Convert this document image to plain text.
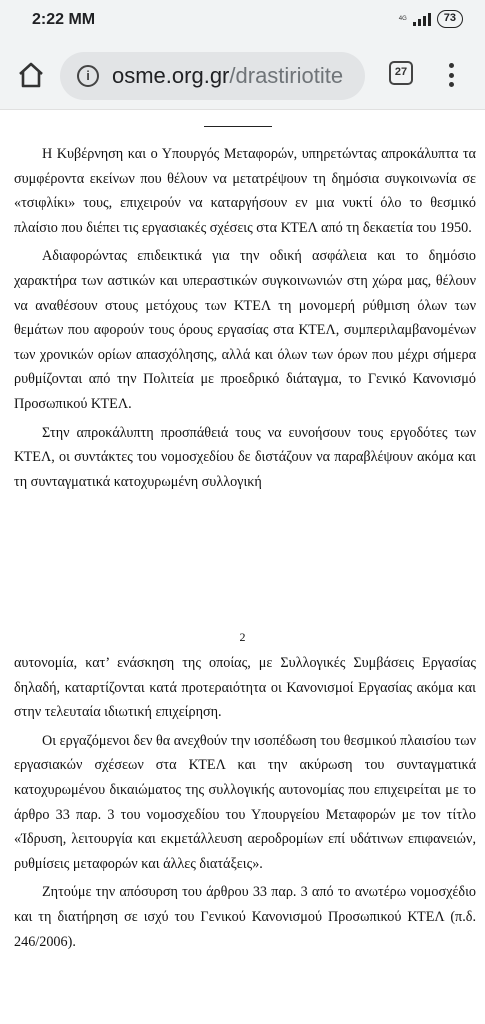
2:22 ΜΜ	4G	73
i	osme.org.gr/drastiriotite	27

Η Κυβέρνηση και ο Υπουργός Μεταφορών, υπηρετώντας απροκάλυπτα τα συμφέροντα εκείνων που θέλουν να μετατρέψουν τη δημόσια συγκοινωνία σε «τσιφλίκι» τους, επιχειρούν να καταργήσουν εν μια νυκτί όλο το θεσμικό πλαίσιο που διέπει τις εργασιακές σχέσεις στα ΚΤΕΛ από τη δεκαετία του 1950.

Αδιαφορώντας επιδεικτικά για την οδική ασφάλεια και το δημόσιο χαρακτήρα των αστικών και υπεραστικών συγκοινωνιών στη χώρα μας, θέλουν να αναθέσουν στους μετόχους των ΚΤΕΛ τη μονομερή ρύθμιση όλων των θεμάτων που αφορούν τους όρους εργασίας στα ΚΤΕΛ, συμπεριλαμβανομένων των χρονικών ορίων απασχόλησης, αλλά και όλων των όρων που μέχρι σήμερα ρυθμίζονται από την Πολιτεία με προεδρικό διάταγμα, το Γενικό Κανονισμό Προσωπικού ΚΤΕΛ.

Στην απροκάλυπτη προσπάθειά τους να ευνοήσουν τους εργοδότες των ΚΤΕΛ, οι συντάκτες του νομοσχεδίου δε διστάζουν να παραβλέψουν ακόμα και τη συνταγματικά κατοχυρωμένη συλλογική

2

αυτονομία, κατ’ ενάσκηση της οποίας, με Συλλογικές Συμβάσεις Εργασίας δηλαδή, καταρτίζονται κατά προτεραιότητα οι Κανονισμοί Εργασίας ακόμα και στην τελευταία ιδιωτική επιχείρηση.

Οι εργαζόμενοι δεν θα ανεχθούν την ισοπέδωση του θεσμικού πλαισίου των εργασιακών σχέσεων στα ΚΤΕΛ και την ακύρωση του συνταγματικά κατοχυρωμένου δικαιώματος της συλλογικής αυτονομίας που επιχειρείται με το άρθρο 33 παρ. 3 του νομοσχεδίου του Υπουργείου Μεταφορών με τον τίτλο «Ίδρυση, λειτουργία και εκμετάλλευση αεροδρομίων επί υδάτινων επιφανειών, ρυθμίσεις μεταφορών και άλλες διατάξεις».

Ζητούμε την απόσυρση του άρθρου 33 παρ. 3 από το ανωτέρω νομοσχέδιο και τη διατήρηση σε ισχύ του Γενικού Κανονισμού Προσωπικού ΚΤΕΛ (π.δ. 246/2006).
